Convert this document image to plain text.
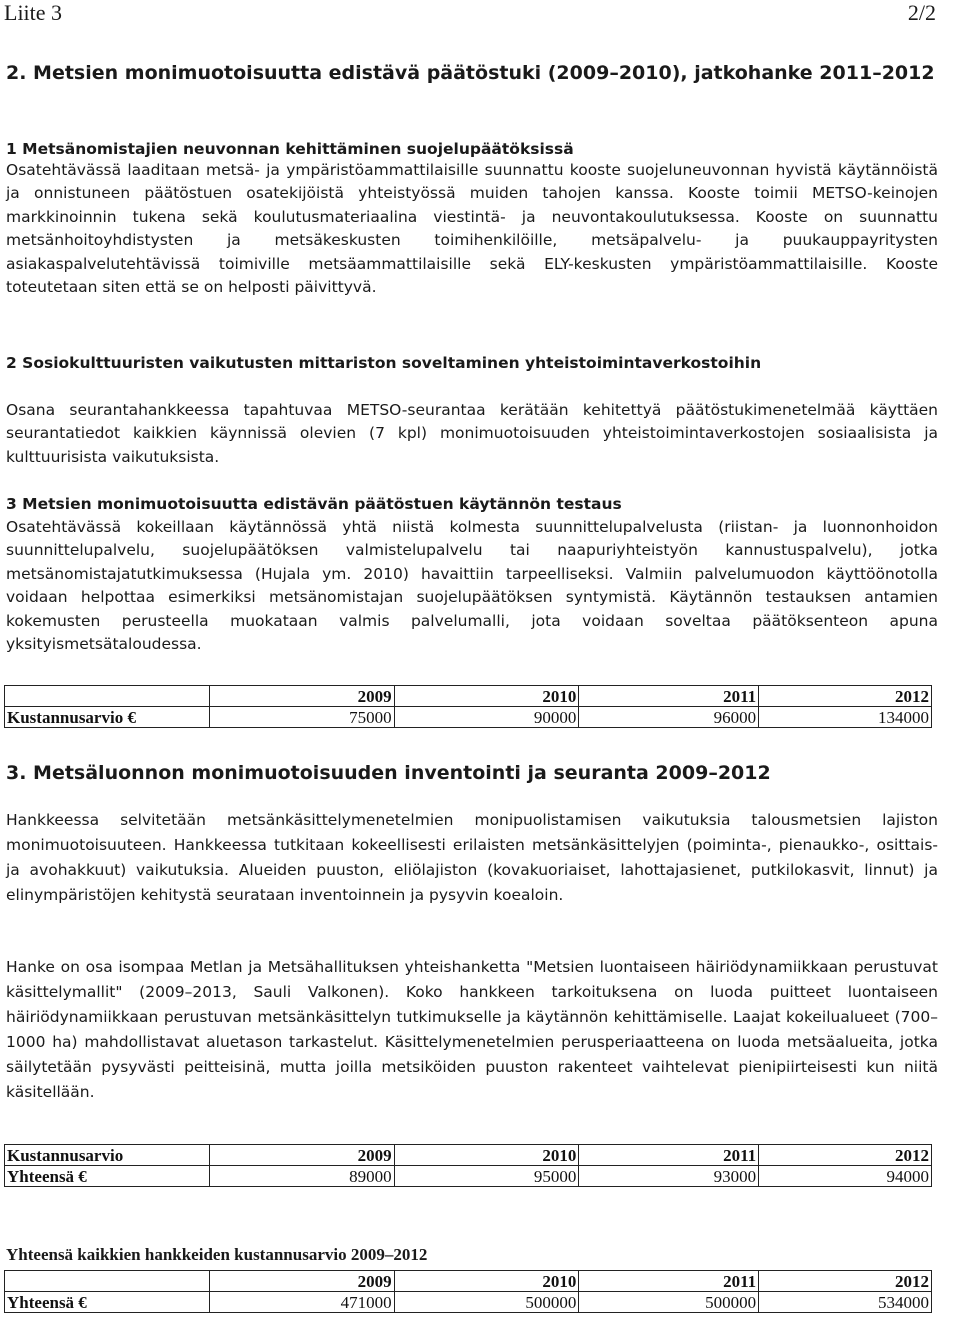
Liite 3	2/2
2. Metsien monimuotoisuutta edistävä päätöstuki (2009–2010), jatkohanke 2011–2012
1 Metsänomistajien neuvonnan kehittäminen suojelupäätöksissä
Osatehtävässä laaditaan metsä- ja ympäristöammattilaisille suunnattu kooste suojeluneuvonnan hyvistä käytännöistä ja onnistuneen päätöstuen osatekijöistä yhteistyössä muiden tahojen kanssa. Kooste toimii METSO-keinojen markkinoinnin tukena sekä koulutusmateriaalina viestintä- ja neuvontakoulutuksessa. Kooste on suunnattu metsänhoitoyhdistysten ja metsäkeskusten toimihenkilöille, metsäpalvelu- ja puukauppayritysten asiakaspalvelutehtävissä toimiville metsäammattilaisille sekä ELY-keskusten ympäristöammattilaisille. Kooste toteutetaan siten että se on helposti päivittyvä.
2 Sosiokulttuuristen vaikutusten mittariston soveltaminen yhteistoimintaverkostoihin
Osana seurantahankkeessa tapahtuvaa METSO-seurantaa kerätään kehitettyä päätöstukimenetelmää käyttäen seurantatiedot kaikkien käynnissä olevien (7 kpl) monimuotoisuuden yhteistoimintaverkostojen sosiaalisista ja kulttuurisista vaikutuksista.
3 Metsien monimuotoisuutta edistävän päätöstuen käytännön testaus
Osatehtävässä kokeillaan käytännössä yhtä niistä kolmesta suunnittelupalvelusta (riistan- ja luonnonhoidon suunnittelupalvelu, suojelupäätöksen valmistelupalvelu tai naapuriyhteistyön kannustuspalvelu), jotka metsänomistajatutkimuksessa (Hujala ym. 2010) havaittiin tarpeelliseksi. Valmiin palvelumuodon käyttöönotolla voidaan helpottaa esimerkiksi metsänomistajan suojelupäätöksen syntymistä. Käytännön testauksen antamien kokemusten perusteella muokataan valmis palvelumalli, jota voidaan soveltaa päätöksenteon apuna yksityismetsätaloudessa.
	2009	2010	2011	2012
Kustannusarvio €	75000	90000	96000	134000
3. Metsäluonnon monimuotoisuuden inventointi ja seuranta 2009–2012
Hankkeessa selvitetään metsänkäsittelymenetelmien monipuolistamisen vaikutuksia talousmetsien lajiston monimuotoisuuteen. Hankkeessa tutkitaan kokeellisesti erilaisten metsänkäsittelyjen (poiminta-, pienaukko-, osittais- ja avohakkuut) vaikutuksia. Alueiden puuston, eliölajiston (kovakuoriaiset, lahottajasienet, putkilokasvit, linnut) ja elinympäristöjen kehitystä seurataan inventoinnein ja pysyvin koealoin.
Hanke on osa isompaa Metlan ja Metsähallituksen yhteishanketta "Metsien luontaiseen häiriödynamiikkaan perustuvat käsittelymallit" (2009–2013, Sauli Valkonen). Koko hankkeen tarkoituksena on luoda puitteet luontaiseen häiriödynamiikkaan perustuvan metsänkäsittelyn tutkimukselle ja käytännön kehittämiselle. Laajat kokeilualueet (700–1000 ha) mahdollistavat aluetason tarkastelut. Käsittelymenetelmien perusperiaatteena on luoda metsäalueita, jotka säilytetään pysyvästi peitteisinä, mutta joilla metsiköiden puuston rakenteet vaihtelevat pienipiirteisesti kun niitä käsitellään.
Kustannusarvio	2009	2010	2011	2012
Yhteensä €	89000	95000	93000	94000
Yhteensä kaikkien hankkeiden kustannusarvio 2009–2012
	2009	2010	2011	2012
Yhteensä €	471000	500000	500000	534000
